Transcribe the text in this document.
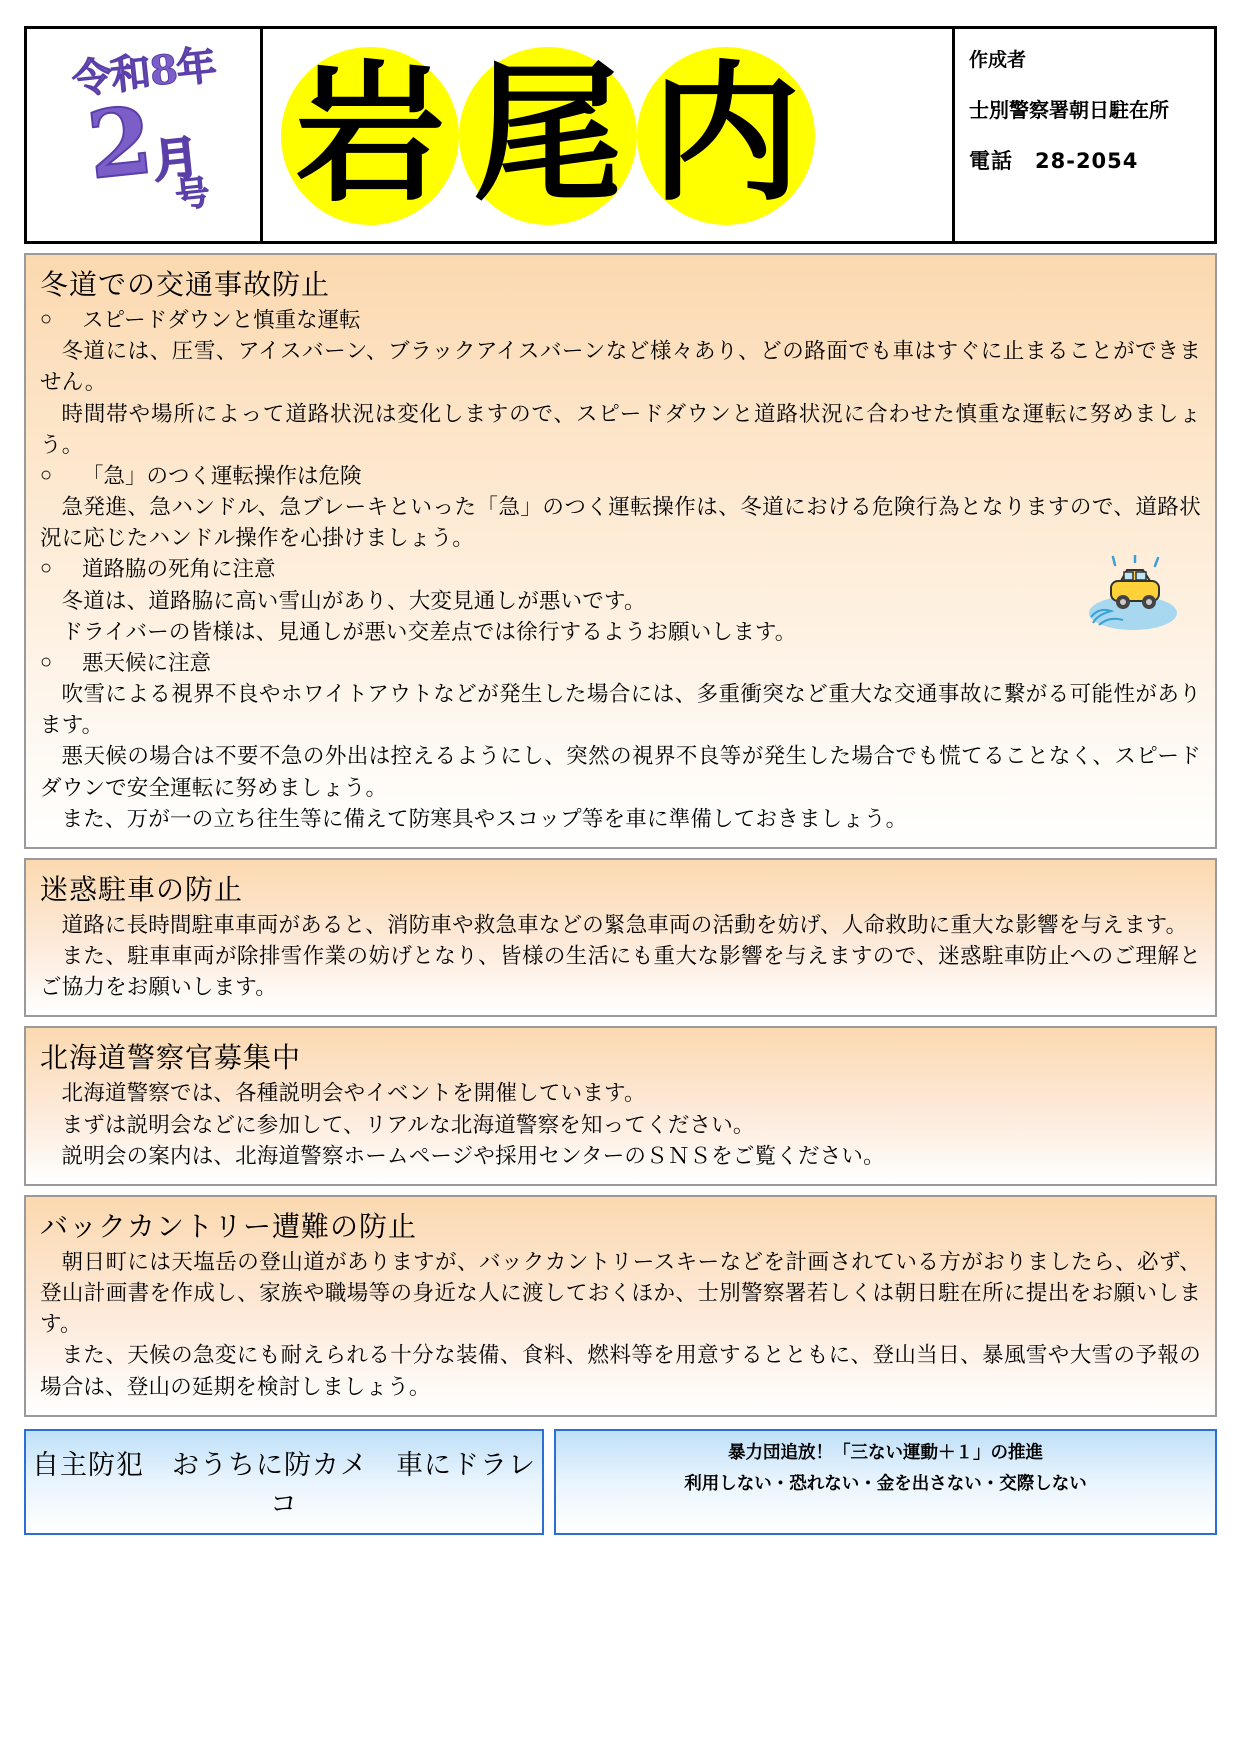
令和8年
2月
号 岩 尾 内	作成者
士別警察署朝日駐在所
電話　28-2054
冬道での交通事故防止
○	スピードダウンと慎重な運転
冬道には、圧雪、アイスバーン、ブラックアイスバーンなど様々あり、どの路面でも車はすぐに止まることができません。
時間帯や場所によって道路状況は変化しますので、スピードダウンと道路状況に合わせた慎重な運転に努めましょう。
○	「急」のつく運転操作は危険
急発進、急ハンドル、急ブレーキといった「急」のつく運転操作は、冬道における危険行為となりますので、道路状況に応じたハンドル操作を心掛けましょう。
○	道路脇の死角に注意
冬道は、道路脇に高い雪山があり、大変見通しが悪いです。
ドライバーの皆様は、見通しが悪い交差点では徐行するようお願いします。
○	悪天候に注意
吹雪による視界不良やホワイトアウトなどが発生した場合には、多重衝突など重大な交通事故に繋がる可能性があります。
悪天候の場合は不要不急の外出は控えるようにし、突然の視界不良等が発生した場合でも慌てることなく、スピードダウンで安全運転に努めましょう。
また、万が一の立ち往生等に備えて防寒具やスコップ等を車に準備しておきましょう。
迷惑駐車の防止
道路に長時間駐車車両があると、消防車や救急車などの緊急車両の活動を妨げ、人命救助に重大な影響を与えます。
また、駐車車両が除排雪作業の妨げとなり、皆様の生活にも重大な影響を与えますので、迷惑駐車防止へのご理解とご協力をお願いします。
北海道警察官募集中
北海道警察では、各種説明会やイベントを開催しています。
まずは説明会などに参加して、リアルな北海道警察を知ってください。
説明会の案内は、北海道警察ホームページや採用センターのＳＮＳをご覧ください。
バックカントリー遭難の防止
朝日町には天塩岳の登山道がありますが、バックカントリースキーなどを計画されている方がおりましたら、必ず、登山計画書を作成し、家族や職場等の身近な人に渡しておくほか、士別警察署若しくは朝日駐在所に提出をお願いします。
また、天候の急変にも耐えられる十分な装備、食料、燃料等を用意するとともに、登山当日、暴風雪や大雪の予報の場合は、登山の延期を検討しましょう。
自主防犯　おうちに防カメ　車にドラレコ
暴力団追放！「三ない運動＋１」の推進
利用しない・恐れない・金を出さない・交際しない
